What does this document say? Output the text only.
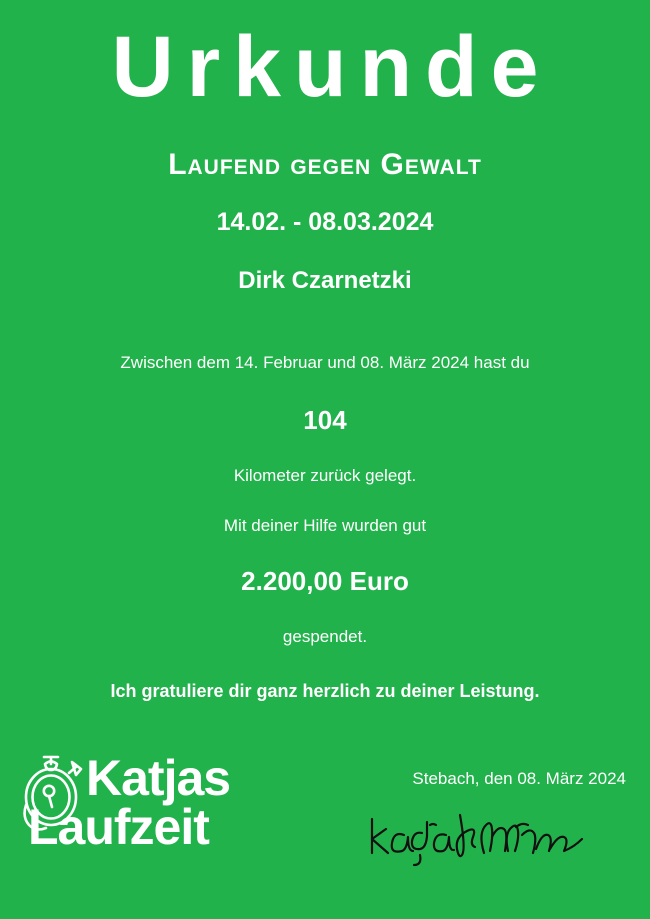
Urkunde
Laufend gegen Gewalt
14.02. - 08.03.2024
Dirk Czarnetzki
Zwischen dem 14. Februar und 08. März 2024 hast du
104
Kilometer zurück gelegt.
Mit deiner Hilfe wurden gut
2.200,00 Euro
gespendet.
Ich gratuliere dir ganz herzlich zu deiner Leistung.
Katjas
Laufzeit
Stebach, den 08. März 2024
